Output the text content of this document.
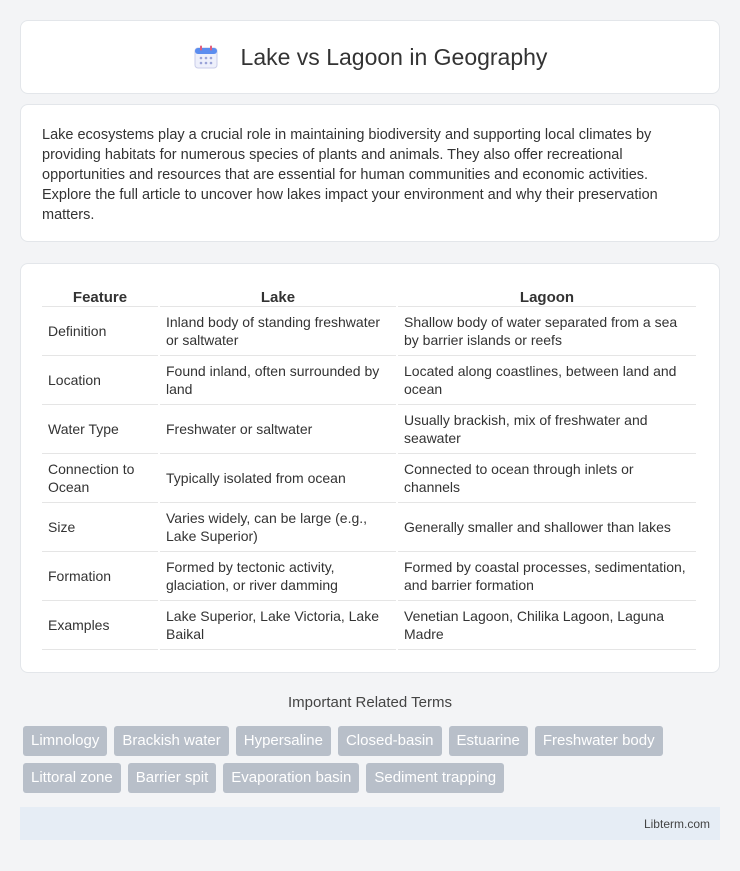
Lake vs Lagoon in Geography

Lake ecosystems play a crucial role in maintaining biodiversity and supporting local climates by providing habitats for numerous species of plants and animals. They also offer recreational opportunities and resources that are essential for human communities and economic activities. Explore the full article to uncover how lakes impact your environment and why their preservation matters.

Feature	Lake	Lagoon
Definition	Inland body of standing freshwater or saltwater	Shallow body of water separated from a sea by barrier islands or reefs
Location	Found inland, often surrounded by land	Located along coastlines, between land and ocean
Water Type	Freshwater or saltwater	Usually brackish, mix of freshwater and seawater
Connection to Ocean	Typically isolated from ocean	Connected to ocean through inlets or channels
Size	Varies widely, can be large (e.g., Lake Superior)	Generally smaller and shallower than lakes
Formation	Formed by tectonic activity, glaciation, or river damming	Formed by coastal processes, sedimentation, and barrier formation
Examples	Lake Superior, Lake Victoria, Lake Baikal	Venetian Lagoon, Chilika Lagoon, Laguna Madre
Important Related Terms
Limnology	Brackish water	Hypersaline	Closed-basin	Estuarine	Freshwater body
Littoral zone	Barrier spit	Evaporation basin	Sediment trapping
Libterm.com
